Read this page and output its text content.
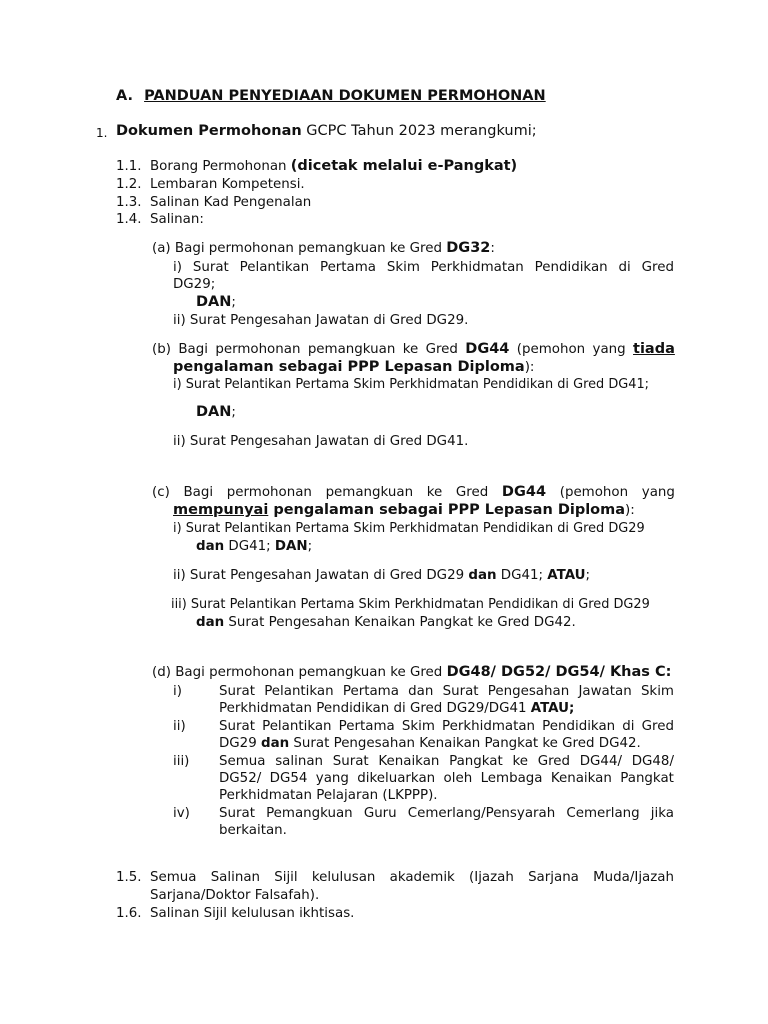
A. PANDUAN PENYEDIAAN DOKUMEN PERMOHONAN
1. Dokumen Permohonan GCPC Tahun 2023 merangkumi;
1.1. Borang Permohonan (dicetak melalui e-Pangkat)
1.2. Lembaran Kompetensi.
1.3. Salinan Kad Pengenalan
1.4. Salinan:
(a) Bagi permohonan pemangkuan ke Gred DG32:
i) Surat Pelantikan Pertama Skim Perkhidmatan Pendidikan di Gred
DG29;
DAN;
ii) Surat Pengesahan Jawatan di Gred DG29.
(b) Bagi permohonan pemangkuan ke Gred DG44 (pemohon yang tiada
pengalaman sebagai PPP Lepasan Diploma):
i) Surat Pelantikan Pertama Skim Perkhidmatan Pendidikan di Gred DG41;
DAN;
ii) Surat Pengesahan Jawatan di Gred DG41.
(c) Bagi permohonan pemangkuan ke Gred DG44 (pemohon yang
mempunyai pengalaman sebagai PPP Lepasan Diploma):
i) Surat Pelantikan Pertama Skim Perkhidmatan Pendidikan di Gred DG29
dan DG41; DAN;
ii) Surat Pengesahan Jawatan di Gred DG29 dan DG41; ATAU;
iii) Surat Pelantikan Pertama Skim Perkhidmatan Pendidikan di Gred DG29
dan Surat Pengesahan Kenaikan Pangkat ke Gred DG42.
(d) Bagi permohonan pemangkuan ke Gred DG48/ DG52/ DG54/ Khas C:
i)	Surat Pelantikan Pertama dan Surat Pengesahan Jawatan Skim
Perkhidmatan Pendidikan di Gred DG29/DG41 ATAU;
ii) Surat Pelantikan Pertama Skim Perkhidmatan Pendidikan di Gred
DG29 dan Surat Pengesahan Kenaikan Pangkat ke Gred DG42.
iii) Semua salinan Surat Kenaikan Pangkat ke Gred DG44/ DG48/
DG52/ DG54 yang dikeluarkan oleh Lembaga Kenaikan Pangkat
Perkhidmatan Pelajaran (LKPPP).
iv) Surat Pemangkuan Guru Cemerlang/Pensyarah Cemerlang jika
berkaitan.
1.5. Semua Salinan Sijil kelulusan akademik (Ijazah Sarjana Muda/Ijazah
Sarjana/Doktor Falsafah).
1.6. Salinan Sijil kelulusan ikhtisas.
